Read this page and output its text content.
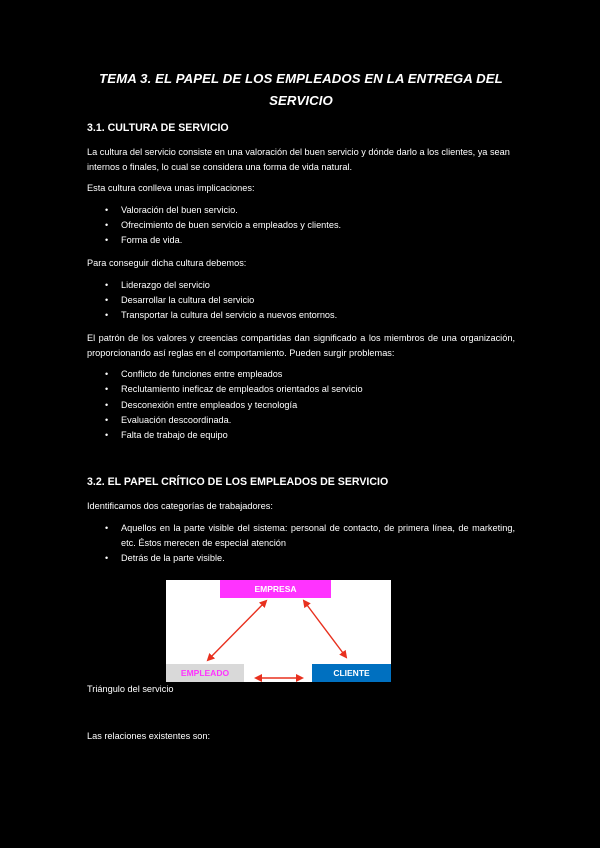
TEMA 3. EL PAPEL DE LOS EMPLEADOS EN LA ENTREGA DEL
SERVICIO
3.1. CULTURA DE SERVICIO
La cultura del servicio consiste en una valoración del buen servicio y dónde darlo a los clientes, ya sean internos o finales, lo cual se considera una forma de vida natural.
Esta cultura conlleva unas implicaciones:
• Valoración del buen servicio.
• Ofrecimiento de buen servicio a empleados y clientes.
• Forma de vida.
Para conseguir dicha cultura debemos:
• Liderazgo del servicio
• Desarrollar la cultura del servicio
• Transportar la cultura del servicio a nuevos entornos.
El patrón de los valores y creencias compartidas dan significado a los miembros de una organización, proporcionando así reglas en el comportamiento. Pueden surgir problemas:
• Conflicto de funciones entre empleados
• Reclutamiento ineficaz de empleados orientados al servicio
• Desconexión entre empleados y tecnología
• Evaluación descoordinada.
• Falta de trabajo de equipo
3.2. EL PAPEL CRÍTICO DE LOS EMPLEADOS DE SERVICIO
Identificamos dos categorías de trabajadores:
• Aquellos en la parte visible del sistema: personal de contacto, de primera línea, de marketing, etc. Éstos merecen de especial atención
• Detrás de la parte visible.
EMPRESA
EMPLEADO	CLIENTE
Triángulo del servicio
Las relaciones existentes son:
